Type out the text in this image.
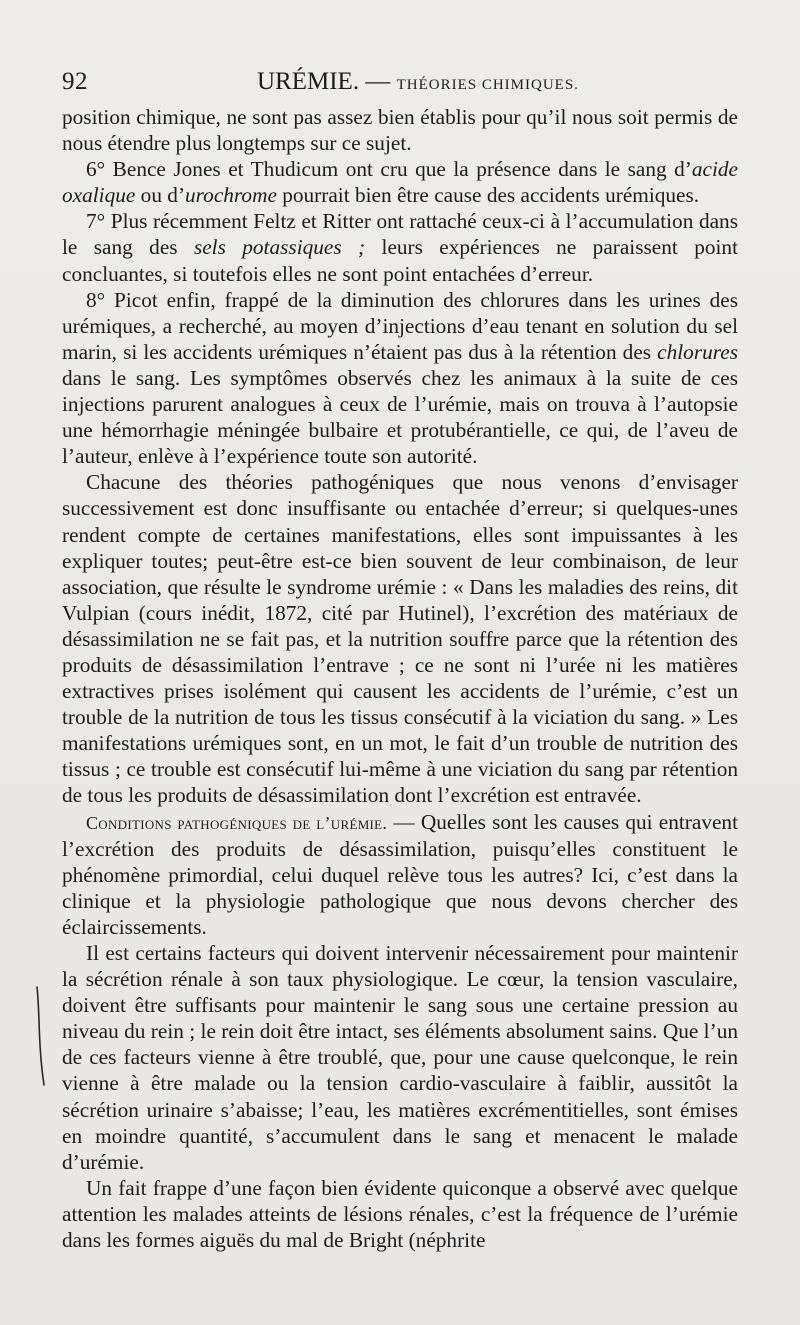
92	URÉMIE. — THÉORIES CHIMIQUES.

position chimique, ne sont pas assez bien établis pour qu’il nous soit permis de nous étendre plus longtemps sur ce sujet.

6° Bence Jones et Thudicum ont cru que la présence dans le sang d’acide oxalique ou d’urochrome pourrait bien être cause des accidents urémiques.

7° Plus récemment Feltz et Ritter ont rattaché ceux-ci à l’accumulation dans le sang des sels potassiques ; leurs expériences ne paraissent point concluantes, si toutefois elles ne sont point entachées d’erreur.

8° Picot enfin, frappé de la diminution des chlorures dans les urines des urémiques, a recherché, au moyen d’injections d’eau tenant en solution du sel marin, si les accidents urémiques n’étaient pas dus à la rétention des chlorures dans le sang. Les symptômes observés chez les animaux à la suite de ces injections parurent analogues à ceux de l’urémie, mais on trouva à l’autopsie une hémorrhagie méningée bulbaire et protubérantielle, ce qui, de l’aveu de l’auteur, enlève à l’expérience toute son autorité.

Chacune des théories pathogéniques que nous venons d’envisager successivement est donc insuffisante ou entachée d’erreur; si quelques-unes rendent compte de certaines manifestations, elles sont impuissantes à les expliquer toutes; peut-être est-ce bien souvent de leur combinaison, de leur association, que résulte le syndrome urémie : « Dans les maladies des reins, dit Vulpian (cours inédit, 1872, cité par Hutinel), l’excrétion des matériaux de désassimilation ne se fait pas, et la nutrition souffre parce que la rétention des produits de désassimilation l’entrave ; ce ne sont ni l’urée ni les matières extractives prises isolément qui causent les accidents de l’urémie, c’est un trouble de la nutrition de tous les tissus consécutif à la viciation du sang. » Les manifestations urémiques sont, en un mot, le fait d’un trouble de nutrition des tissus ; ce trouble est consécutif lui-même à une viciation du sang par rétention de tous les produits de désassimilation dont l’excrétion est entravée.

Conditions pathogéniques de l’urémie. — Quelles sont les causes qui entravent l’excrétion des produits de désassimilation, puisqu’elles constituent le phénomène primordial, celui duquel relève tous les autres? Ici, c’est dans la clinique et la physiologie pathologique que nous devons chercher des éclaircissements.

Il est certains facteurs qui doivent intervenir nécessairement pour maintenir la sécrétion rénale à son taux physiologique. Le cœur, la tension vasculaire, doivent être suffisants pour maintenir le sang sous une certaine pression au niveau du rein ; le rein doit être intact, ses éléments absolument sains. Que l’un de ces facteurs vienne à être troublé, que, pour une cause quelconque, le rein vienne à être malade ou la tension cardio-vasculaire à faiblir, aussitôt la sécrétion urinaire s’abaisse; l’eau, les matières excrémentitielles, sont émises en moindre quantité, s’accumulent dans le sang et menacent le malade d’urémie.

Un fait frappe d’une façon bien évidente quiconque a observé avec quelque attention les malades atteints de lésions rénales, c’est la fréquence de l’urémie dans les formes aiguës du mal de Bright (néphrite
